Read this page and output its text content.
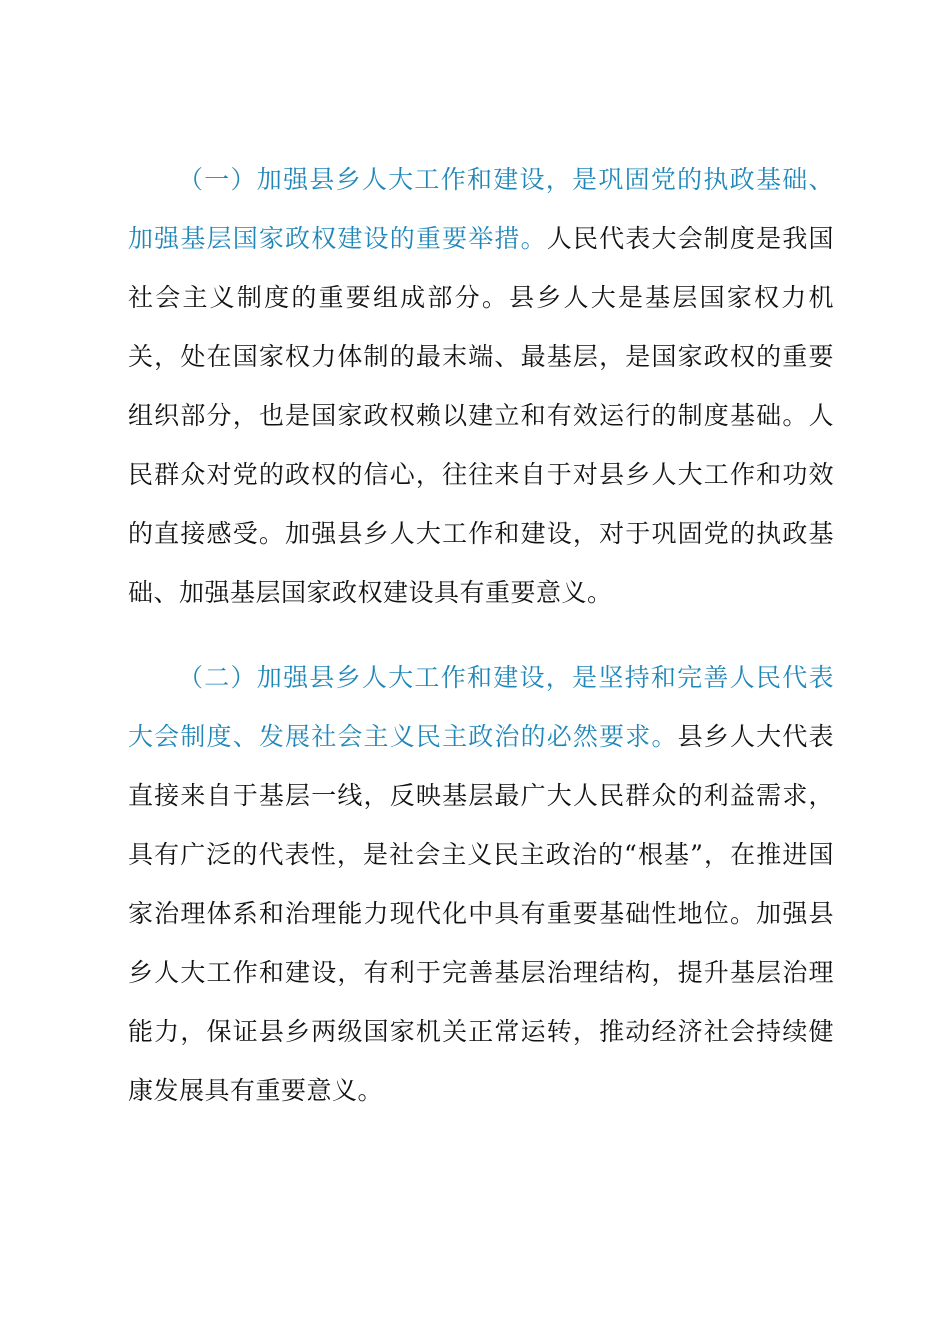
（一）加强县乡人大工作和建设，是巩固党的执政基础、加强基层国家政权建设的重要举措。人民代表大会制度是我国社会主义制度的重要组成部分。县乡人大是基层国家权力机关，处在国家权力体制的最末端、最基层，是国家政权的重要组织部分，也是国家政权赖以建立和有效运行的制度基础。人民群众对党的政权的信心，往往来自于对县乡人大工作和功效的直接感受。加强县乡人大工作和建设，对于巩固党的执政基础、加强基层国家政权建设具有重要意义。

（二）加强县乡人大工作和建设，是坚持和完善人民代表大会制度、发展社会主义民主政治的必然要求。县乡人大代表直接来自于基层一线，反映基层最广大人民群众的利益需求，具有广泛的代表性，是社会主义民主政治的“根基”，在推进国家治理体系和治理能力现代化中具有重要基础性地位。加强县乡人大工作和建设，有利于完善基层治理结构，提升基层治理能力，保证县乡两级国家机关正常运转，推动经济社会持续健康发展具有重要意义。
